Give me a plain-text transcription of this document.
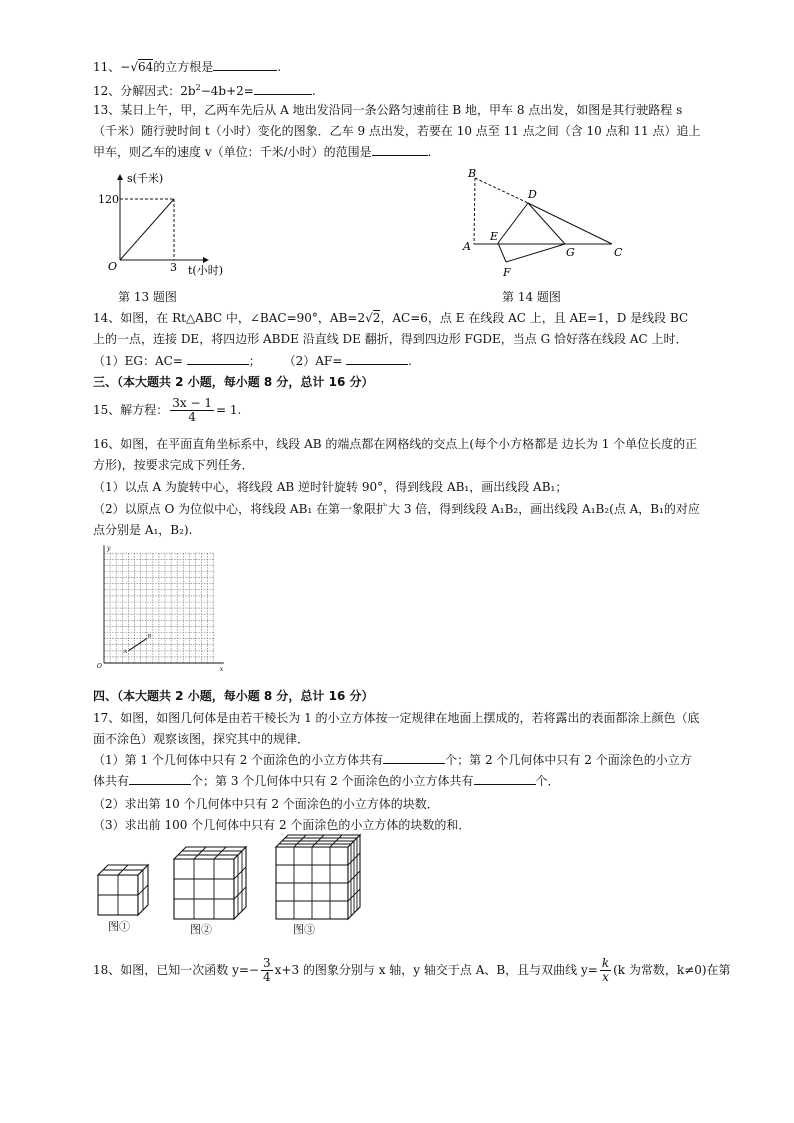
11、−√64的立方根是	.
12、分解因式：$2b^2-4b+2=$	.
13、某日上午，甲，乙两车先后从 A 地出发沿同一条公路匀速前往 B 地，甲车 8 点出发，如图是其行驶路程 s（千米）随行驶时间 t（小时）变化的图象．乙车 9 点出发，若要在 10 点至 11 点之间（含 10 点和 11 点）追上甲车，则乙车的速度 v（单位：千米/小时）的范围是	.
s(千米)
120
O	3 t(小时)
第 13 题图
B
D
A
E
G	C
F
第 14 题图
14、如图，在 Rt△ABC 中，∠BAC=90°，AB=2√2，AC=6，点 E 在线段 AC 上，且 AE=1，D 是线段 BC 上的一点，连接 DE，将四边形 ABDE 沿直线 DE 翻折，得到四边形 FGDE，当点 G 恰好落在线段 AC 上时．
（1）EG：AC=	； （2）AF=	.
三、（本大题共 2 小题，每小题 8 分，总计 16 分）
15、解方程： $\frac{3x - 1}{4} = 1$.
16、如图，在平面直角坐标系中，线段 AB 的端点都在网格线的交点上(每个小方格都是 边长为 1 个单位长度的正方形)，按要求完成下列任务．
（1）以点 A 为旋转中心，将线段 AB 逆时针旋转 90°，得到线段 AB₁，画出线段 AB₁；
（2）以原点 O 为位似中心，将线段 AB₁ 在第一象限扩大 3 倍，得到线段 A₁B₂，画出线段 A₁B₂(点 A，B₁的对应点分别是 A₁，B₂).
x
y
O
A
B
四、（本大题共 2 小题，每小题 8 分，总计 16 分）
17、如图，如图几何体是由若干棱长为 1 的小立方体按一定规律在地面上摆成的，若将露出的表面都涂上颜色（底面不涂色）观察该图，探究其中的规律．
（1）第 1 个几何体中只有 2 个面涂色的小立方体共有	个；第 2 个几何体中只有 2 个面涂色的小立方体共有	个；第 3 个几何体中只有 2 个面涂色的小立方体共有	个．
（2）求出第 10 个几何体中只有 2 个面涂色的小立方体的块数．
（3）求出前 100 个几何体中只有 2 个面涂色的小立方体的块数的和．
图①	图②	图③
18、如图，已知一次函数 $y=- \frac{3}{4} x+3$ 的图象分别与 x 轴，y 轴交于点 A、B，且与双曲线 $y= \frac{k}{x} (k$ 为常数，k≠0)在第
